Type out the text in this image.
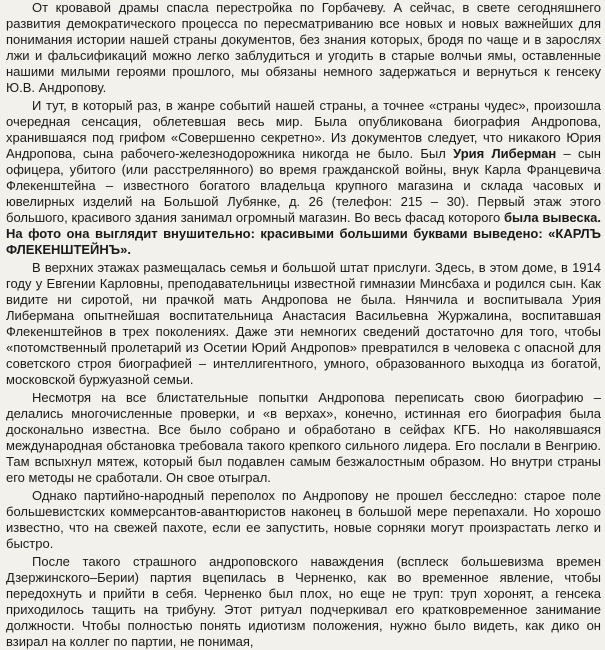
От кровавой драмы спасла перестройка по Горбачеву. А сейчас, в свете сегодняшнего развития демократического процесса по пересматриванию все новых и новых важнейших для понимания истории нашей страны документов, без знания которых, бродя по чаще и в зарослях лжи и фальсификаций можно легко заблудиться и угодить в старые волчьи ямы, оставленные нашими милыми героями прошлого, мы обязаны немного задержаться и вернуться к генсеку Ю.В. Андропову.

И тут, в который раз, в жанре событий нашей страны, а точнее «страны чудес», произошла очередная сенсация, облетевшая весь мир. Была опубликована биография Андропова, хранившаяся под грифом «Совершенно секретно». Из документов следует, что никакого Юрия Андропова, сына рабочего-железнодорожника никогда не было. Был Урия Либерман – сын офицера, убитого (или расстрелянного) во время гражданской войны, внук Карла Францевича Флекенштейна – известного богатого владельца крупного магазина и склада часовых и ювелирных изделий на Большой Лубянке, д. 26 (телефон: 215 – 30). Первый этаж этого большого, красивого здания занимал огромный магазин. Во весь фасад которого была вывеска. На фото она выглядит внушительно: красивыми большими буквами выведено: «КАРЛЪ ФЛЕКЕНШТЕЙНЪ».

В верхних этажах размещалась семья и большой штат прислуги. Здесь, в этом доме, в 1914 году у Евгении Карловны, преподавательницы известной гимназии Минсбаха и родился сын. Как видите ни сиротой, ни прачкой мать Андропова не была. Нянчила и воспитывала Урия Либермана опытнейшая воспитательница Анастасия Васильевна Журжалина, воспитавшая Флекенштейнов в трех поколениях. Даже эти немногих сведений достаточно для того, чтобы «потомственный пролетарий из Осетии Юрий Андропов» превратился в человека с опасной для советского строя биографией – интеллигентного, умного, образованного выходца из богатой, московской буржуазной семьи.

Несмотря на все блистательные попытки Андропова переписать свою биографию – делались многочисленные проверки, и «в верхах», конечно, истинная его биография была досконально известна. Все было собрано и обработано в сейфах КГБ. Но наколявшаяся международная обстановка требовала такого крепкого сильного лидера. Его послали в Венгрию. Там вспыхнул мятеж, который был подавлен самым безжалостным образом. Но внутри страны его методы не сработали. Он свое отыграл.

Однако партийно-народный переполох по Андропову не прошел бесследно: старое поле большевистских коммерсантов-авантюристов наконец в большой мере перепахали. Но хорошо известно, что на свежей пахоте, если ее запустить, новые сорняки могут произрастать легко и быстро.

После такого страшного андроповского наваждения (всплеск большевизма времен Дзержинского–Берии) партия вцепилась в Черненко, как во временное явление, чтобы передохнуть и прийти в себя. Черненко был плох, но еще не труп: труп хоронят, а генсека приходилось тащить на трибуну. Этот ритуал подчеркивал его кратковременное занимание должности. Чтобы полностью понять идиотизм положения, нужно было видеть, как дико он взирал на коллег по партии, не понимая,
